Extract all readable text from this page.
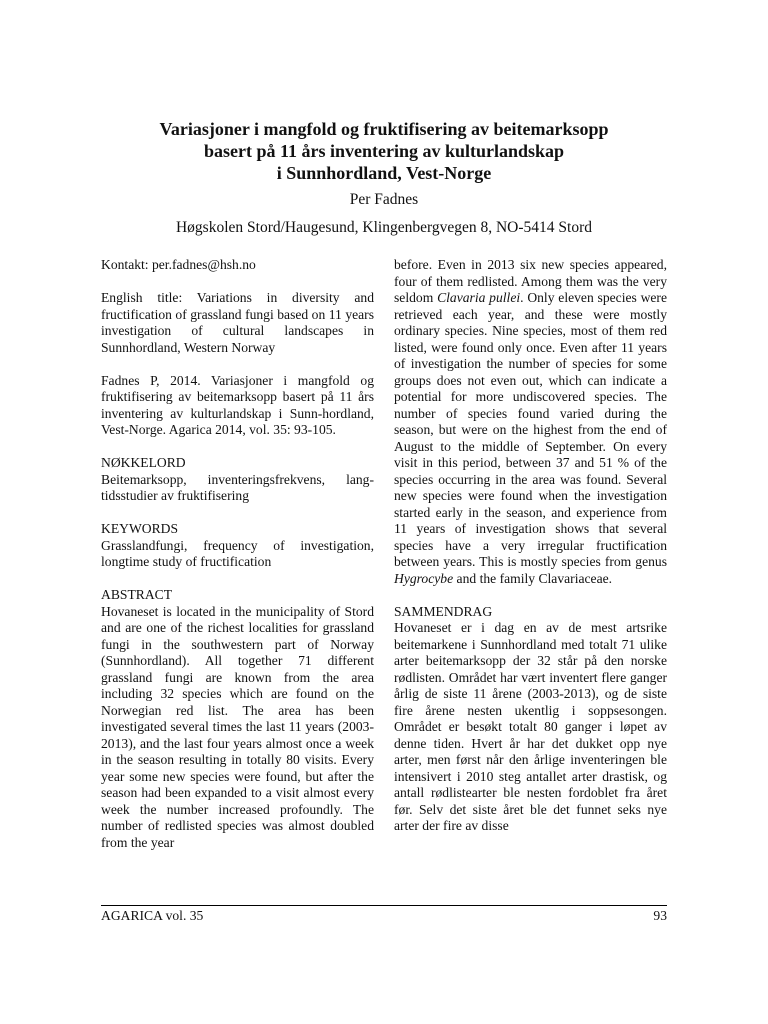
Variasjoner i mangfold og fruktifisering av beitemarksopp
basert på 11 års inventering av kulturlandskap
i Sunnhordland, Vest-Norge
Per Fadnes
Høgskolen Stord/Haugesund, Klingenbergvegen 8, NO-5414 Stord

Kontakt: per.fadnes@hsh.no

English title: Variations in diversity and fructification of grassland fungi based on 11 years investigation of cultural landscapes in Sunnhordland, Western Norway

Fadnes P, 2014. Variasjoner i mangfold og fruktifisering av beitemarksopp basert på 11 års inventering av kulturlandskap i Sunn-hordland, Vest-Norge. Agarica 2014, vol. 35: 93-105.

NØKKELORD

Beitemarksopp, inventeringsfrekvens, lang-tidsstudier av fruktifisering

KEYWORDS

Grasslandfungi, frequency of investigation, longtime study of fructification

ABSTRACT

Hovaneset is located in the municipality of Stord and are one of the richest localities for grassland fungi in the southwestern part of Norway (Sunnhordland). All together 71 different grassland fungi are known from the area including 32 species which are found on the Norwegian red list. The area has been investigated several times the last 11 years (2003-2013), and the last four years almost once a week in the season resulting in totally 80 visits. Every year some new species were found, but after the season had been expanded to a visit almost every week the number increased profoundly. The number of redlisted species was almost doubled from the year

before. Even in 2013 six new species appeared, four of them redlisted. Among them was the very seldom Clavaria pullei. Only eleven species were retrieved each year, and these were mostly ordinary species. Nine species, most of them red listed, were found only once. Even after 11 years of investigation the number of species for some groups does not even out, which can indicate a potential for more undiscovered species. The number of species found varied during the season, but were on the highest from the end of August to the middle of September. On every visit in this period, between 37 and 51 % of the species occurring in the area was found. Several new species were found when the investigation started early in the season, and experience from 11 years of investigation shows that several species have a very irregular fructification between years. This is mostly species from genus Hygrocybe and the family Clavariaceae.

SAMMENDRAG

Hovaneset er i dag en av de mest artsrike beitemarkene i Sunnhordland med totalt 71 ulike arter beitemarksopp der 32 står på den norske rødlisten. Området har vært inventert flere ganger årlig de siste 11 årene (2003-2013), og de siste fire årene nesten ukentlig i soppsesongen. Området er besøkt totalt 80 ganger i løpet av denne tiden. Hvert år har det dukket opp nye arter, men først når den årlige inventeringen ble intensivert i 2010 steg antallet arter drastisk, og antall rødlistearter ble nesten fordoblet fra året før. Selv det siste året ble det funnet seks nye arter der fire av disse

AGARICA vol. 35	93
